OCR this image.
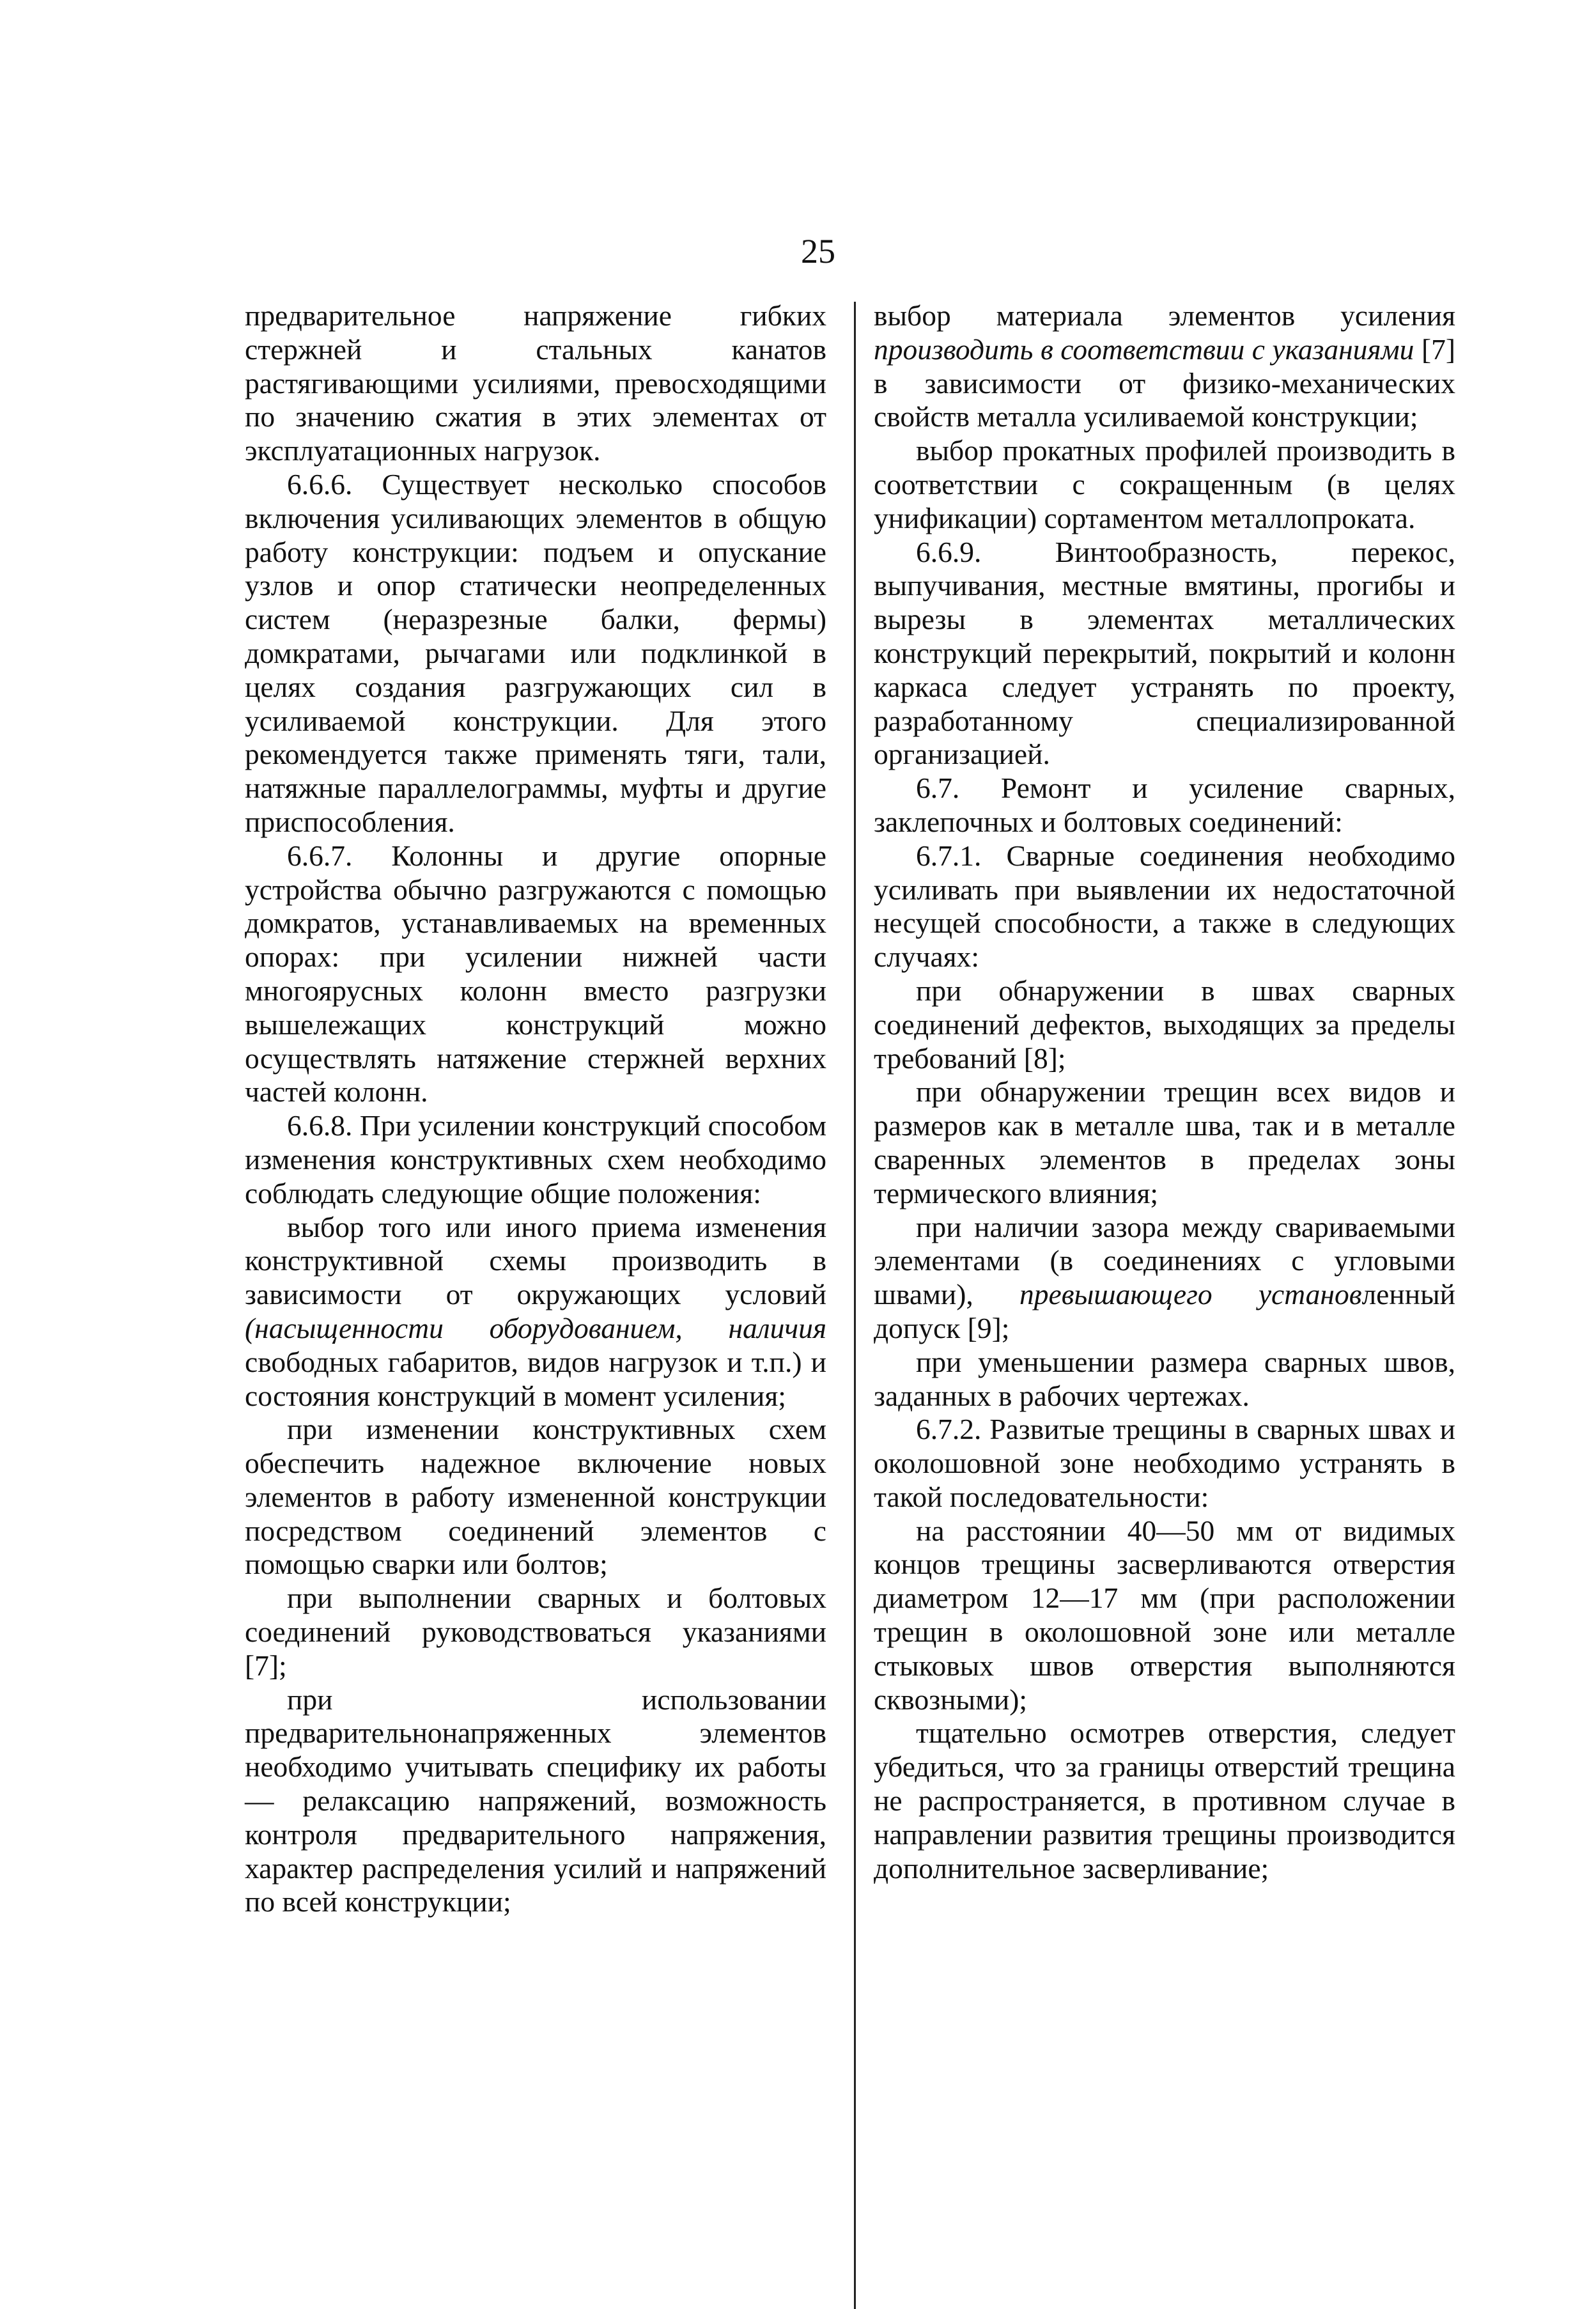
25

предварительное напряжение гибких стержней и стальных канатов растягивающими усилиями, превосходящими по значению сжатия в этих элементах от эксплуатационных нагрузок.

6.6.6. Существует несколько способов включения усиливающих элементов в общую работу конструкции: подъем и опускание узлов и опор статически неопределенных систем (неразрезные балки, фермы) домкратами, рычагами или подклинкой в целях создания разгружающих сил в усиливаемой конструкции. Для этого рекомендуется также применять тяги, тали, натяжные параллелограммы, муфты и другие приспособления.

6.6.7. Колонны и другие опорные устройства обычно разгружаются с помощью домкратов, устанавливаемых на временных опорах: при усилении нижней части многоярусных колонн вместо разгрузки вышележащих конструкций можно осуществлять натяжение стержней верхних частей колонн.

6.6.8. При усилении конструкций способом изменения конструктивных схем необходимо соблюдать следующие общие положения:

выбор того или иного приема изменения конструктивной схемы производить в зависимости от окружающих условий (насыщенности оборудованием, наличия свободных габаритов, видов нагрузок и т.п.) и состояния конструкций в момент усиления;

при изменении конструктивных схем обеспечить надежное включение новых элементов в работу измененной конструкции посредством соединений элементов с помощью сварки или болтов;

при выполнении сварных и болтовых соединений руководствоваться указаниями [7];

при использовании предварительнонапряженных элементов необходимо учитывать специфику их работы — релаксацию напряжений, возможность контроля предварительного напряжения, характер распределения усилий и напряжений по всей конструкции;

выбор материала элементов усиления производить в соответствии с указаниями [7] в зависимости от физико-механических свойств металла усиливаемой конструкции;

выбор прокатных профилей производить в соответствии с сокращенным (в целях унификации) сортаментом металлопроката.

6.6.9. Винтообразность, перекос, выпучивания, местные вмятины, прогибы и вырезы в элементах металлических конструкций перекрытий, покрытий и колонн каркаса следует устранять по проекту, разработанному специализированной организацией.

6.7. Ремонт и усиление сварных, заклепочных и болтовых соединений:

6.7.1. Сварные соединения необходимо усиливать при выявлении их недостаточной несущей способности, а также в следующих случаях:

при обнаружении в швах сварных соединений дефектов, выходящих за пределы требований [8];

при обнаружении трещин всех видов и размеров как в металле шва, так и в металле сваренных элементов в пределах зоны термического влияния;

при наличии зазора между свариваемыми элементами (в соединениях с угловыми швами), превышающего установленный допуск [9];

при уменьшении размера сварных швов, заданных в рабочих чертежах.

6.7.2. Развитые трещины в сварных швах и околошовной зоне необходимо устранять в такой последовательности:

на расстоянии 40—50 мм от видимых концов трещины засверливаются отверстия диаметром 12—17 мм (при расположении трещин в околошовной зоне или металле стыковых швов отверстия выполняются сквозными);

тщательно осмотрев отверстия, следует убедиться, что за границы отверстий трещина не распространяется, в противном случае в направлении развития трещины производится дополнительное засверливание;
